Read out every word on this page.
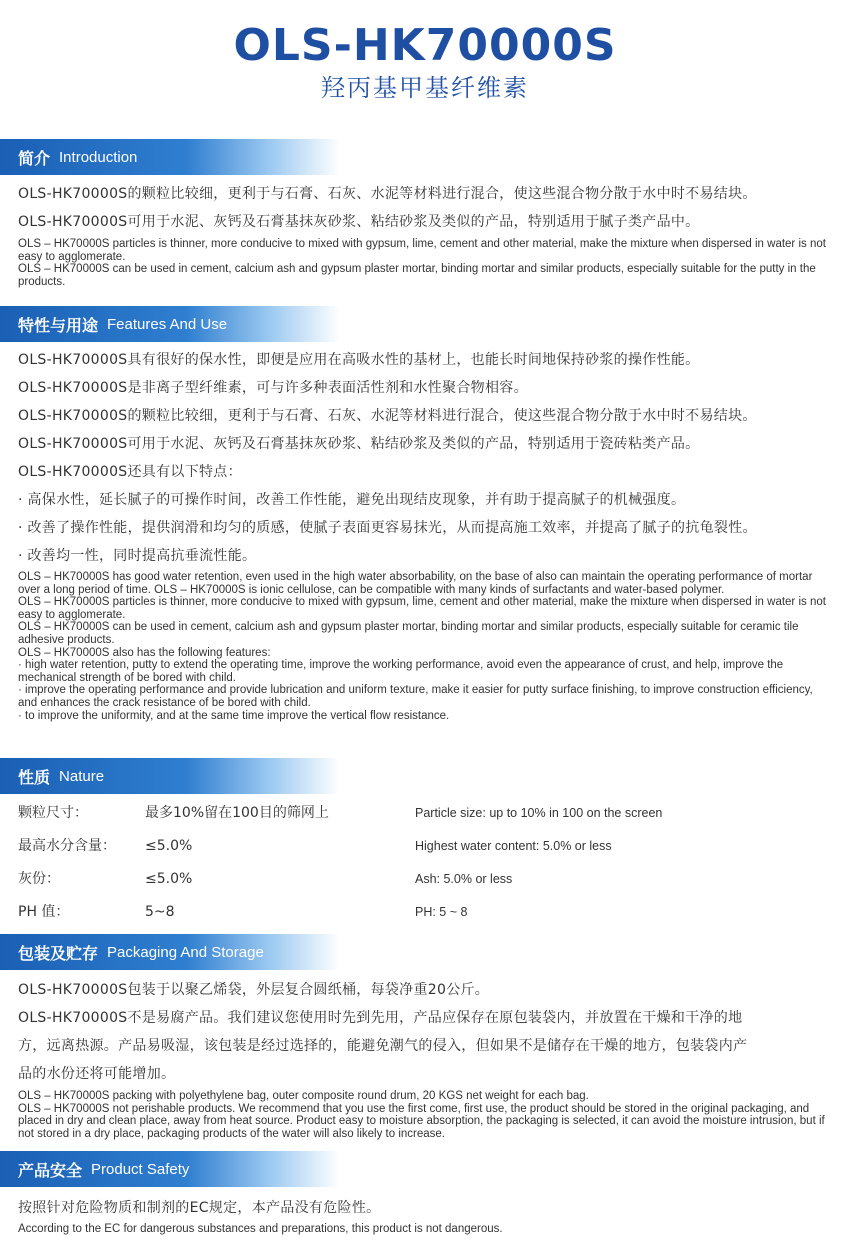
OLS-HK70000S
羟丙基甲基纤维素
简介 Introduction
OLS-HK70000S的颗粒比较细，更利于与石膏、石灰、水泥等材料进行混合，使这些混合物分散于水中时不易结块。
OLS-HK70000S可用于水泥、灰钙及石膏基抹灰砂浆、粘结砂浆及类似的产品，特别适用于腻子类产品中。
OLS – HK70000S particles is thinner, more conducive to mixed with gypsum, lime, cement and other material, make the mixture when dispersed in water is not easy to agglomerate.
OLS – HK70000S can be used in cement, calcium ash and gypsum plaster mortar, binding mortar and similar products, especially suitable for the putty in the products.
特性与用途 Features And Use
OLS-HK70000S具有很好的保水性，即便是应用在高吸水性的基材上，也能长时间地保持砂浆的操作性能。
OLS-HK70000S是非离子型纤维素，可与许多种表面活性剂和水性聚合物相容。
OLS-HK70000S的颗粒比较细，更利于与石膏、石灰、水泥等材料进行混合，使这些混合物分散于水中时不易结块。
OLS-HK70000S可用于水泥、灰钙及石膏基抹灰砂浆、粘结砂浆及类似的产品，特别适用于瓷砖粘类产品。
OLS-HK70000S还具有以下特点：
· 高保水性，延长腻子的可操作时间，改善工作性能，避免出现结皮现象，并有助于提高腻子的机械强度。
· 改善了操作性能，提供润滑和均匀的质感，使腻子表面更容易抹光，从而提高施工效率，并提高了腻子的抗龟裂性。
· 改善均一性，同时提高抗垂流性能。
OLS – HK70000S has good water retention, even used in the high water absorbability, on the base of also can maintain the operating performance of mortar over a long period of time. OLS – HK70000S is ionic cellulose, can be compatible with many kinds of surfactants and water-based polymer.
OLS – HK70000S particles is thinner, more conducive to mixed with gypsum, lime, cement and other material, make the mixture when dispersed in water is not easy to agglomerate.
OLS – HK70000S can be used in cement, calcium ash and gypsum plaster mortar, binding mortar and similar products, especially suitable for ceramic tile adhesive products.
OLS – HK70000S also has the following features:
· high water retention, putty to extend the operating time, improve the working performance, avoid even the appearance of crust, and help, improve the mechanical strength of be bored with child.
· improve the operating performance and provide lubrication and uniform texture, make it easier for putty surface finishing, to improve construction efficiency, and enhances the crack resistance of be bored with child.
· to improve the uniformity, and at the same time improve the vertical flow resistance.
性质 Nature
颗粒尺寸：	最多10%留在100目的筛网上	Particle size: up to 10% in 100 on the screen
最高水分含量： ≤5.0%	Highest water content: 5.0% or less
灰份：	≤5.0%	Ash: 5.0% or less
PH 值：	5~8	PH: 5 ~ 8
包装及贮存 Packaging And Storage
OLS-HK70000S包装于以聚乙烯袋，外层复合圆纸桶，每袋净重20公斤。
OLS-HK70000S不是易腐产品。我们建议您使用时先到先用，产品应保存在原包装袋内，并放置在干燥和干净的地
方，远离热源。产品易吸湿，该包装是经过选择的，能避免潮气的侵入，但如果不是储存在干燥的地方，包装袋内产
品的水份还将可能增加。
OLS – HK70000S packing with polyethylene bag, outer composite round drum, 20 KGS net weight for each bag.
OLS – HK70000S not perishable products. We recommend that you use the first come, first use, the product should be stored in the original packaging, and placed in dry and clean place, away from heat source. Product easy to moisture absorption, the packaging is selected, it can avoid the moisture intrusion, but if not stored in a dry place, packaging products of the water will also likely to increase.
产品安全 Product Safety
按照针对危险物质和制剂的EC规定，本产品没有危险性。
According to the EC for dangerous substances and preparations, this product is not dangerous.
